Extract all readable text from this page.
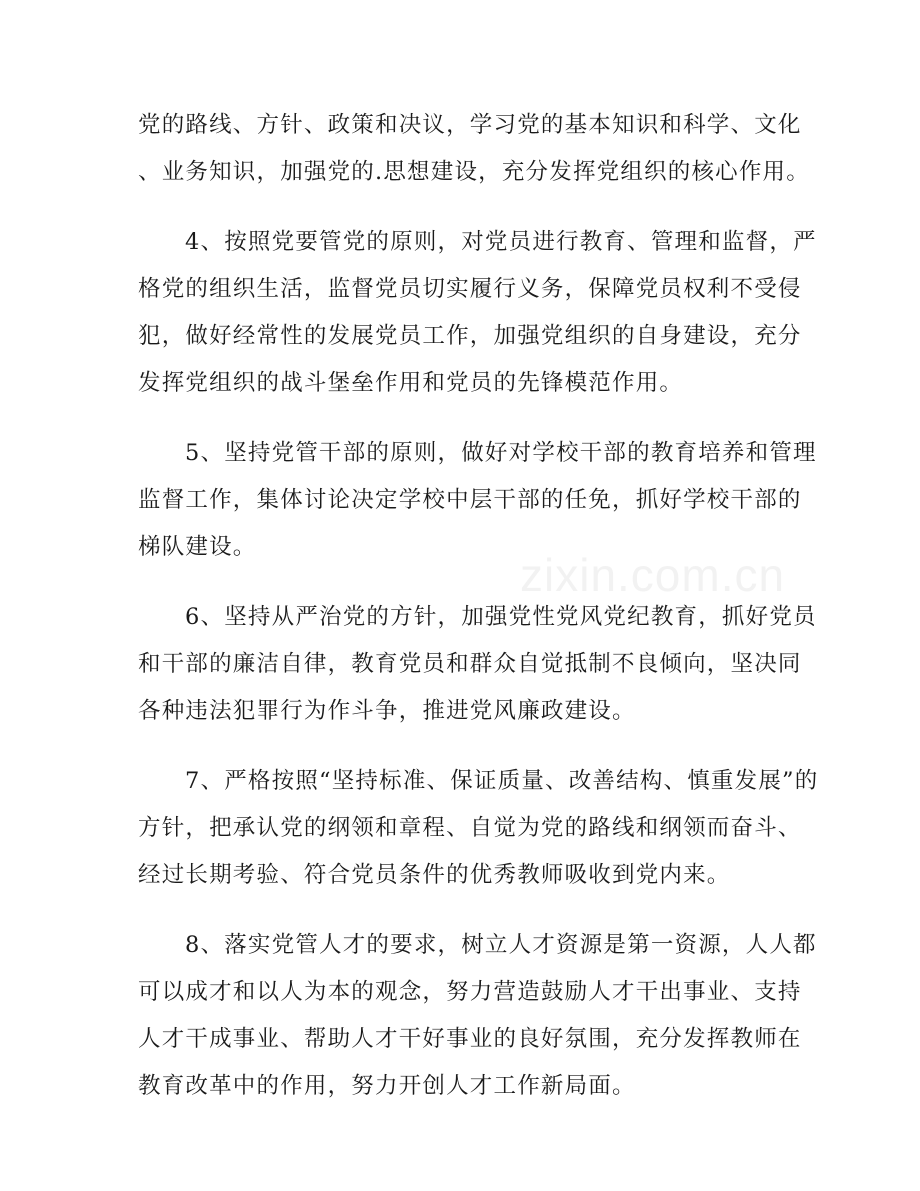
zixin.com.cn

党的路线、方针、政策和决议，学习党的基本知识和科学、文化
、业务知识，加强党的.思想建设，充分发挥党组织的核心作用。

4、按照党要管党的原则，对党员进行教育、管理和监督，严
格党的组织生活，监督党员切实履行义务，保障党员权利不受侵
犯，做好经常性的发展党员工作，加强党组织的自身建设，充分
发挥党组织的战斗堡垒作用和党员的先锋模范作用。

5、坚持党管干部的原则，做好对学校干部的教育培养和管理
监督工作，集体讨论决定学校中层干部的任免，抓好学校干部的
梯队建设。

6、坚持从严治党的方针，加强党性党风党纪教育，抓好党员
和干部的廉洁自律，教育党员和群众自觉抵制不良倾向，坚决同
各种违法犯罪行为作斗争，推进党风廉政建设。

7、严格按照“坚持标准、保证质量、改善结构、慎重发展”的
方针，把承认党的纲领和章程、自觉为党的路线和纲领而奋斗、
经过长期考验、符合党员条件的优秀教师吸收到党内来。

8、落实党管人才的要求，树立人才资源是第一资源，人人都
可以成才和以人为本的观念，努力营造鼓励人才干出事业、支持
人才干成事业、帮助人才干好事业的良好氛围，充分发挥教师在
教育改革中的作用，努力开创人才工作新局面。
